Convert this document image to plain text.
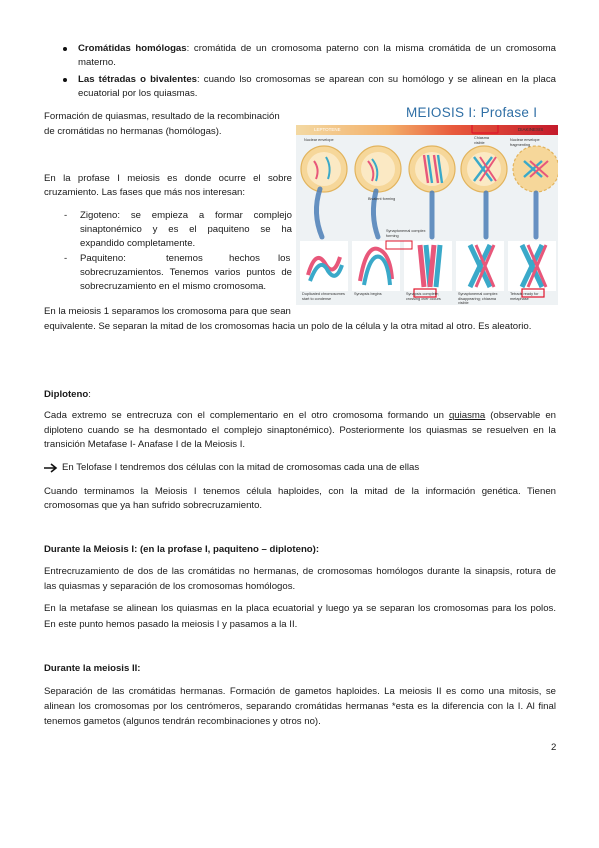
Cromátidas homólogas: cromátida de un cromosoma paterno con la misma cromátida de un cromosoma
materno.
Las tétradas o bivalentes: cuando lso cromosomas se aparean con su homólogo y se alinean en la placa
ecuatorial por los quiasmas.
Formación de quiasmas, resultado de la recombinación
de cromátidas no hermanas (homólogas).
En la profase I meiosis es donde ocurre el sobre
cruzamiento. Las fases que más nos interesan:
- Zigoteno: se empieza a formar complejo
sinaptonémico y es el paquiteno se ha
expandido completamente.
- Paquiteno:	tenemos	hechos los
sobrecruzamientos. Tenemos varios puntos de
sobrecruzamiento en el mismo cromosoma.
En la meiosis 1 separamos los cromosoma para que sean
equivalente. Se separan la mitad de los cromosomas hacia un polo de la célula y la otra mitad al otro. Es aleatorio.
MEIOSIS I: Profase I
LEPTOTENE	DIAKINESIS
Nuclear envelope	Chiasma
visible
Nuclear envelope fragmenting
Bivalent forming
Synaptonemal complex
forming
Duplicated chromosomes start to condense
Synapsis begins	Synapsis complete; crossing over occurs
Synaptonemal complex disappearing; chiasma visible
Tetrads ready for metaphase
Diploteno:
Cada extremo se entrecruza con el complementario en el otro cromosoma formando un quiasma (observable en
diploteno cuando se ha desmontado el complejo sinaptonémico). Posteriormente los quiasmas se resuelven en la
transición Metafase I- Anafase I de la Meiosis I.
En Telofase I tendremos dos células con la mitad de cromosomas cada una de ellas
Cuando terminamos la Meiosis I tenemos célula haploides, con la mitad de la información genética. Tienen
cromosomas que ya han sufrido sobrecruzamiento.
Durante la Meiosis I: (en la profase I, paquiteno – diploteno):
Entrecruzamiento de dos de las cromátidas no hermanas, de cromosomas homólogos durante la sinapsis, rotura de
las quiasmas y separación de los cromosomas homólogos.
En la metafase se alinean los quiasmas en la placa ecuatorial y luego ya se separan los cromosomas para los polos.
En este punto hemos pasado la meiosis I y pasamos a la II.
Durante la meiosis II:
Separación de las cromátidas hermanas. Formación de gametos haploides. La meiosis II es como una mitosis, se
alinean los cromosomas por los centrómeros, separando cromátidas hermanas *esta es la diferencia con la I. Al final
tenemos gametos (algunos tendrán recombinaciones y otros no).
2
